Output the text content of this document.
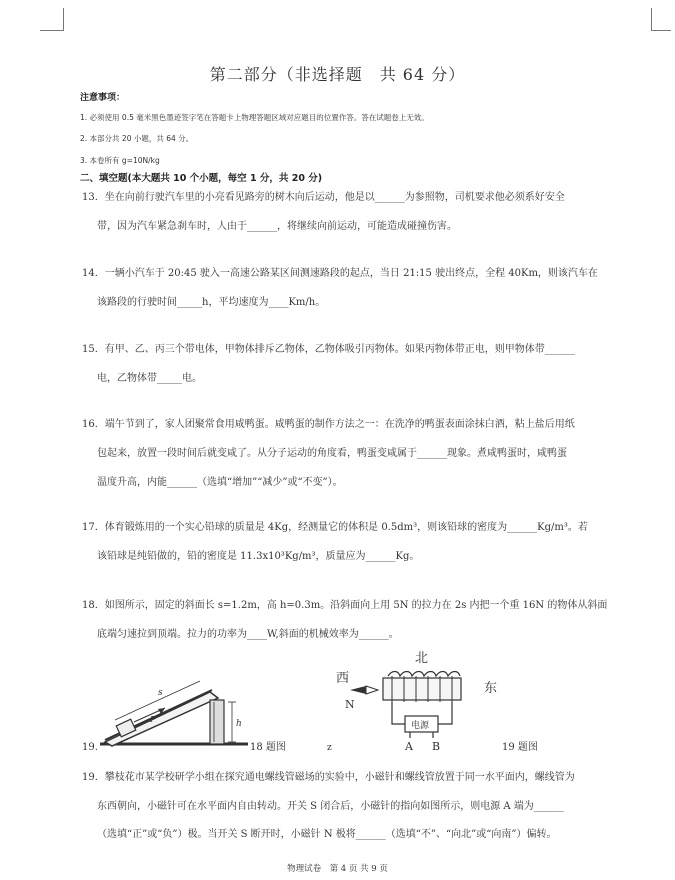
第二部分（非选择题　共 64 分）
注意事项：
1. 必须使用 0.5 毫米黑色墨迹签字笔在答题卡上物理答题区域对应题目的位置作答。答在试题卷上无效。
2. 本部分共 20 小题，共 64 分。
3. 本卷所有 g=10N/kg
二、填空题(本大题共 10 个小题，每空 1 分，共 20 分)
13．坐在向前行驶汽车里的小亮看见路旁的树木向后运动，他是以______为参照物，司机要求他必须系好安全
带，因为汽车紧急刹车时，人由于______，将继续向前运动，可能造成碰撞伤害。
14．一辆小汽车于 20:45 驶入一高速公路某区间测速路段的起点，当日 21:15 驶出终点，全程 40Km，则该汽车在
该路段的行驶时间_____h，平均速度为____Km/h。
15．有甲、乙、丙三个带电体，甲物体排斥乙物体，乙物体吸引丙物体。如果丙物体带正电，则甲物体带______
电，乙物体带_____电。
16．端午节到了，家人团聚常食用咸鸭蛋。咸鸭蛋的制作方法之一：在洗净的鸭蛋表面涂抹白酒，粘上盐后用纸
包起来，放置一段时间后就变咸了。从分子运动的角度看，鸭蛋变咸属于______现象。煮咸鸭蛋时，咸鸭蛋
温度升高，内能______（选填“增加”“减少”或“不变”）。
17．体育锻炼用的一个实心铅球的质量是 4Kg，经测量它的体积是 0.5dm³，则该铅球的密度为______Kg/m³。若
该铅球是纯铅做的，铅的密度是 11.3x10³Kg/m³，质量应为______Kg。
18．如图所示，固定的斜面长 s=1.2m，高 h=0.3m。沿斜面向上用 5N 的拉力在 2s 内把一个重 16N 的物体从斜面
底端匀速拉到顶端。拉力的功率为____W,斜面的机械效率为______。
s
h
F
19.	18 题图	z
北
西
东
N
电源
A B	19 题图
19．攀枝花市某学校研学小组在探究通电螺线管磁场的实验中，小磁针和螺线管放置于同一水平面内，螺线管为
东西朝向，小磁针可在水平面内自由转动。开关 S 闭合后，小磁针的指向如图所示，则电源 A 端为______
（选填“正”或“负”）极。当开关 S 断开时，小磁针 N 极将______（选填“不”、“向北”或“向南”）偏转。
物理试卷　第 4 页 共 9 页
